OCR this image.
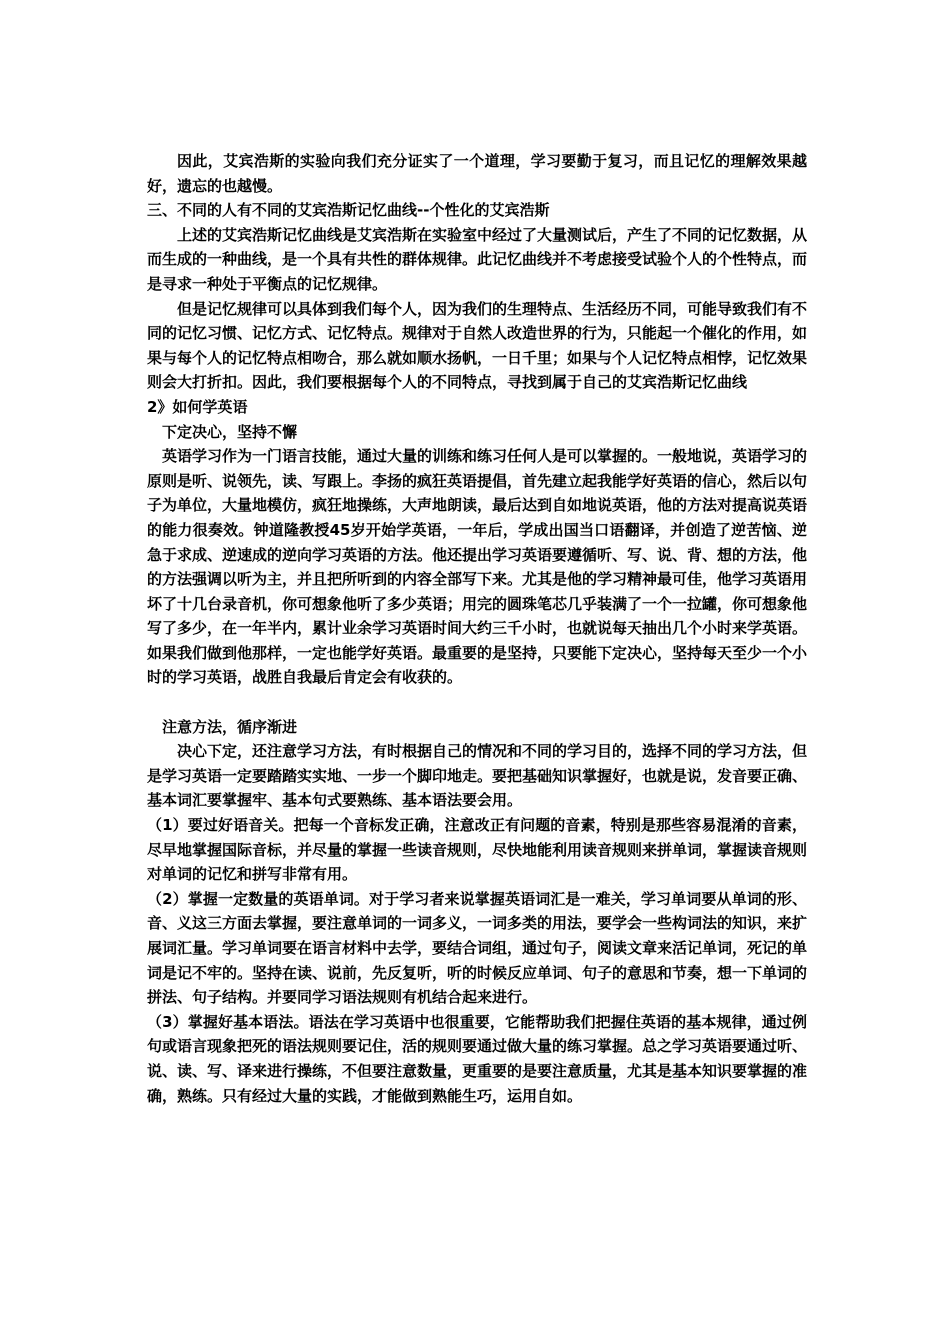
因此，艾宾浩斯的实验向我们充分证实了一个道理，学习要勤于复习，而且记忆的理解效果越好，遗忘的也越慢。

三、不同的人有不同的艾宾浩斯记忆曲线--个性化的艾宾浩斯

上述的艾宾浩斯记忆曲线是艾宾浩斯在实验室中经过了大量测试后，产生了不同的记忆数据，从而生成的一种曲线，是一个具有共性的群体规律。此记忆曲线并不考虑接受试验个人的个性特点，而是寻求一种处于平衡点的记忆规律。

但是记忆规律可以具体到我们每个人，因为我们的生理特点、生活经历不同，可能导致我们有不同的记忆习惯、记忆方式、记忆特点。规律对于自然人改造世界的行为，只能起一个催化的作用，如果与每个人的记忆特点相吻合，那么就如顺水扬帆，一日千里；如果与个人记忆特点相悖，记忆效果则会大打折扣。因此，我们要根据每个人的不同特点，寻找到属于自己的艾宾浩斯记忆曲线

2》如何学英语

下定决心，坚持不懈

英语学习作为一门语言技能，通过大量的训练和练习任何人是可以掌握的。一般地说，英语学习的原则是听、说领先，读、写跟上。李扬的疯狂英语提倡，首先建立起我能学好英语的信心，然后以句子为单位，大量地模仿，疯狂地操练，大声地朗读，最后达到自如地说英语，他的方法对提高说英语的能力很奏效。钟道隆教授45岁开始学英语，一年后，学成出国当口语翻译，并创造了逆苦恼、逆急于求成、逆速成的逆向学习英语的方法。他还提出学习英语要遵循听、写、说、背、想的方法，他的方法强调以听为主，并且把所听到的内容全部写下来。尤其是他的学习精神最可佳，他学习英语用坏了十几台录音机，你可想象他听了多少英语；用完的圆珠笔芯几乎装满了一个一拉罐，你可想象他写了多少，在一年半内，累计业余学习英语时间大约三千小时，也就说每天抽出几个小时来学英语。如果我们做到他那样，一定也能学好英语。最重要的是坚持，只要能下定决心，坚持每天至少一个小时的学习英语，战胜自我最后肯定会有收获的。

注意方法，循序渐进

决心下定，还注意学习方法，有时根据自己的情况和不同的学习目的，选择不同的学习方法，但是学习英语一定要踏踏实实地、一步一个脚印地走。要把基础知识掌握好，也就是说，发音要正确、基本词汇要掌握牢、基本句式要熟练、基本语法要会用。

（1）要过好语音关。把每一个音标发正确，注意改正有问题的音素，特别是那些容易混淆的音素，尽早地掌握国际音标，并尽量的掌握一些读音规则，尽快地能利用读音规则来拼单词，掌握读音规则对单词的记忆和拼写非常有用。

（2）掌握一定数量的英语单词。对于学习者来说掌握英语词汇是一难关，学习单词要从单词的形、音、义这三方面去掌握，要注意单词的一词多义，一词多类的用法，要学会一些构词法的知识，来扩展词汇量。学习单词要在语言材料中去学，要结合词组，通过句子，阅读文章来活记单词，死记的单词是记不牢的。坚持在读、说前，先反复听，听的时候反应单词、句子的意思和节奏，想一下单词的拼法、句子结构。并要同学习语法规则有机结合起来进行。

（3）掌握好基本语法。语法在学习英语中也很重要，它能帮助我们把握住英语的基本规律，通过例句或语言现象把死的语法规则要记住，活的规则要通过做大量的练习掌握。总之学习英语要通过听、说、读、写、译来进行操练，不但要注意数量，更重要的是要注意质量，尤其是基本知识要掌握的准确，熟练。只有经过大量的实践，才能做到熟能生巧，运用自如。
